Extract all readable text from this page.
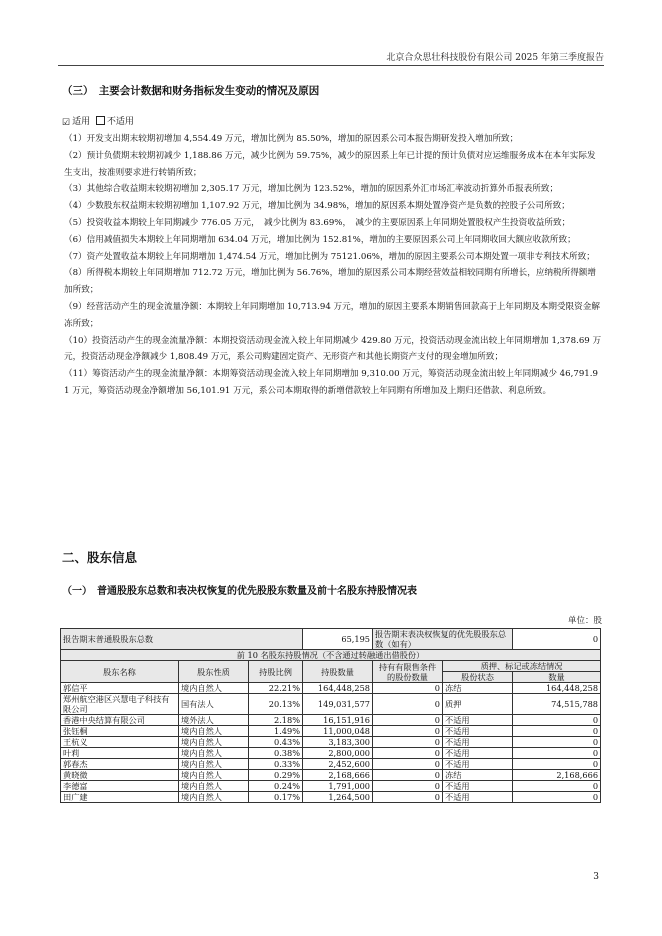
北京合众思壮科技股份有限公司 2025 年第三季度报告
（三）　主要会计数据和财务指标发生变动的情况及原因
☑ 适用 不适用
（1）开发支出期末较期初增加 4,554.49 万元，增加比例为 85.50%，增加的原因系公司本报告期研发投入增加所致；
（2）预计负债期末较期初减少 1,188.86 万元，减少比例为 59.75%，减少的原因系上年已计提的预计负债对应运维服务成本在本年实际发生支出，按准则要求进行转销所致；
（3）其他综合收益期末较期初增加 2,305.17 万元，增加比例为 123.52%，增加的原因系外汇市场汇率波动折算外币报表所致；
（4）少数股东权益期末较期初增加 1,107.92 万元，增加比例为 34.98%，增加的原因系本期处置净资产是负数的控股子公司所致；
（5）投资收益本期较上年同期减少 776.05 万元，　减少比例为 83.69%，　减少的主要原因系上年同期处置股权产生投资收益所致；
（6）信用减值损失本期较上年同期增加 634.04 万元，增加比例为 152.81%，增加的主要原因系公司上年同期收回大额应收款所致；
（7）资产处置收益本期较上年同期增加 1,474.54 万元，增加比例为 75121.06%，增加的原因主要系公司本期处置一项非专利技术所致；
（8）所得税本期较上年同期增加 712.72 万元，增加比例为 56.76%，增加的原因系公司本期经营效益相较同期有所增长，应纳税所得额增加所致；
（9）经营活动产生的现金流量净额：本期较上年同期增加 10,713.94 万元，增加的原因主要系本期销售回款高于上年同期及本期受限资金解冻所致；
（10）投资活动产生的现金流量净额：本期投资活动现金流入较上年同期减少 429.80 万元，投资活动现金流出较上年同期增加 1,378.69 万元，投资活动现金净额减少 1,808.49 万元，系公司购建固定资产、无形资产和其他长期资产支付的现金增加所致；
（11）筹资活动产生的现金流量净额：本期筹资活动现金流入较上年同期增加 9,310.00 万元，筹资活动现金流出较上年同期减少 46,791.91 万元，筹资活动现金净额增加 56,101.91 万元，系公司本期取得的新增借款较上年同期有所增加及上期归还借款、利息所致。
二、股东信息
（一）　普通股股东总数和表决权恢复的优先股股东数量及前十名股东持股情况表
单位：股
报告期末普通股股东总数			65,195	报告期末表决权恢复的优先股股东总数（如有）		0
前 10 名股东持股情况（不含通过转融通出借股份）						
股东名称	股东性质	持股比例	持股数量	持有有限售条件的股份数量	质押、标记或冻结情况	
					股份状态	数量
郭信平	境内自然人	22.21%	164,448,258	0	冻结	164,448,258
郑州航空港区兴慧电子科技有限公司	国有法人	20.13%	149,031,577	0	质押	74,515,788
香港中央结算有限公司	境外法人	2.18%	16,151,916	0	不适用	0
张钰桐	境内自然人	1.49%	11,000,048	0	不适用	0
王杭义	境内自然人	0.43%	3,183,300	0	不适用	0
叶莉	境内自然人	0.38%	2,800,000	0	不适用	0
郭春杰	境内自然人	0.33%	2,452,600	0	不适用	0
黄晓微	境内自然人	0.29%	2,168,666	0	冻结	2,168,666
李德富	境内自然人	0.24%	1,791,000	0	不适用	0
田广建	境内自然人	0.17%	1,264,500	0	不适用	0
3
